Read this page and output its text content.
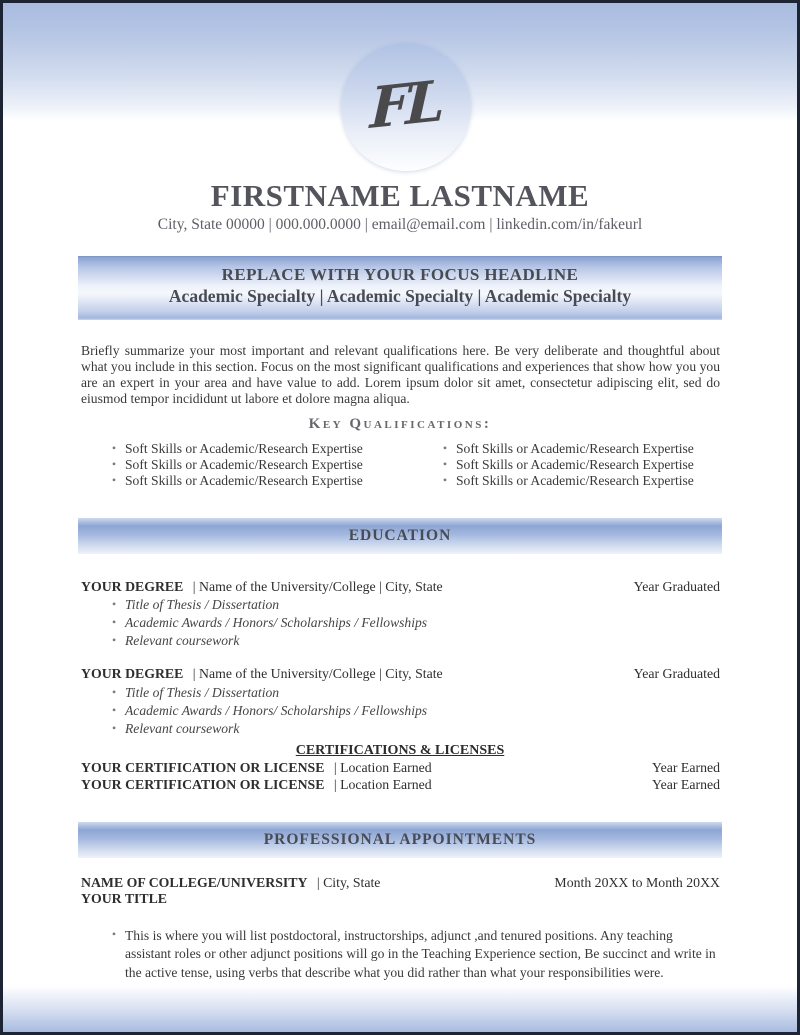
FL
FIRSTNAME LASTNAME
City, State 00000 | 000.000.0000 | email@email.com | linkedin.com/in/fakeurl
REPLACE WITH YOUR FOCUS HEADLINE
Academic Specialty | Academic Specialty | Academic Specialty
Briefly summarize your most important and relevant qualifications here. Be very deliberate and thoughtful about what you include in this section. Focus on the most significant qualifications and experiences that show how you you are an expert in your area and have value to add. Lorem ipsum dolor sit amet, consectetur adipiscing elit, sed do eiusmod tempor incididunt ut labore et dolore magna aliqua.
Key Qualifications:
• Soft Skills or Academic/Research Expertise
• Soft Skills or Academic/Research Expertise
• Soft Skills or Academic/Research Expertise
• Soft Skills or Academic/Research Expertise
• Soft Skills or Academic/Research Expertise
• Soft Skills or Academic/Research Expertise
EDUCATION
YOUR DEGREE | Name of the University/College | City, State	Year Graduated
• Title of Thesis / Dissertation
• Academic Awards / Honors/ Scholarships / Fellowships
• Relevant coursework
YOUR DEGREE | Name of the University/College | City, State	Year Graduated
• Title of Thesis / Dissertation
• Academic Awards / Honors/ Scholarships / Fellowships
• Relevant coursework
CERTIFICATIONS & LICENSES
YOUR CERTIFICATION OR LICENSE | Location Earned	Year Earned
YOUR CERTIFICATION OR LICENSE | Location Earned	Year Earned
PROFESSIONAL APPOINTMENTS
NAME OF COLLEGE/UNIVERSITY | City, State	Month 20XX to Month 20XX
YOUR TITLE
• This is where you will list postdoctoral, instructorships, adjunct ,and tenured positions. Any teaching assistant roles or other adjunct positions will go in the Teaching Experience section, Be succinct and write in the active tense, using verbs that describe what you did rather than what your responsibilities were.
